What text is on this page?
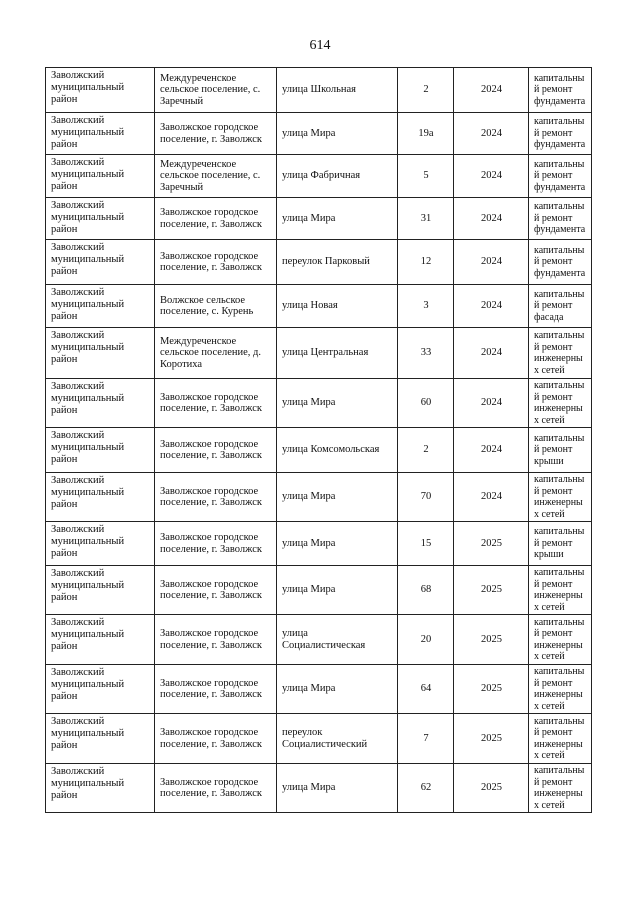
614
Заволжский муниципальный район	Междуреченское сельское поселение, с. Заречный	улица Школьная	2	2024	капитальный ремонт фундамента
Заволжский муниципальный район	Заволжское городское поселение, г. Заволжск	улица Мира	19а	2024	капитальный ремонт фундамента
Заволжский муниципальный район	Междуреченское сельское поселение, с. Заречный	улица Фабричная	5	2024	капитальный ремонт фундамента
Заволжский муниципальный район	Заволжское городское поселение, г. Заволжск	улица Мира	31	2024	капитальный ремонт фундамента
Заволжский муниципальный район	Заволжское городское поселение, г. Заволжск	переулок Парковый	12	2024	капитальный ремонт фундамента
Заволжский муниципальный район	Волжское сельское поселение, с. Курень	улица Новая	3	2024	капитальный ремонт фасада
Заволжский муниципальный район	Междуреченское сельское поселение, д. Коротиха	улица Центральная	33	2024	капитальный ремонт инженерных сетей
Заволжский муниципальный район	Заволжское городское поселение, г. Заволжск	улица Мира	60	2024	капитальный ремонт инженерных сетей
Заволжский муниципальный район	Заволжское городское поселение, г. Заволжск	улица Комсомольская	2	2024	капитальный ремонт крыши
Заволжский муниципальный район	Заволжское городское поселение, г. Заволжск	улица Мира	70	2024	капитальный ремонт инженерных сетей
Заволжский муниципальный район	Заволжское городское поселение, г. Заволжск	улица Мира	15	2025	капитальный ремонт крыши
Заволжский муниципальный район	Заволжское городское поселение, г. Заволжск	улица Мира	68	2025	капитальный ремонт инженерных сетей
Заволжский муниципальный район	Заволжское городское поселение, г. Заволжск	улица Социалистическая	20	2025	капитальный ремонт инженерных сетей
Заволжский муниципальный район	Заволжское городское поселение, г. Заволжск	улица Мира	64	2025	капитальный ремонт инженерных сетей
Заволжский муниципальный район	Заволжское городское поселение, г. Заволжск	переулок Социалистический	7	2025	капитальный ремонт инженерных сетей
Заволжский муниципальный район	Заволжское городское поселение, г. Заволжск	улица Мира	62	2025	капитальный ремонт инженерных сетей
